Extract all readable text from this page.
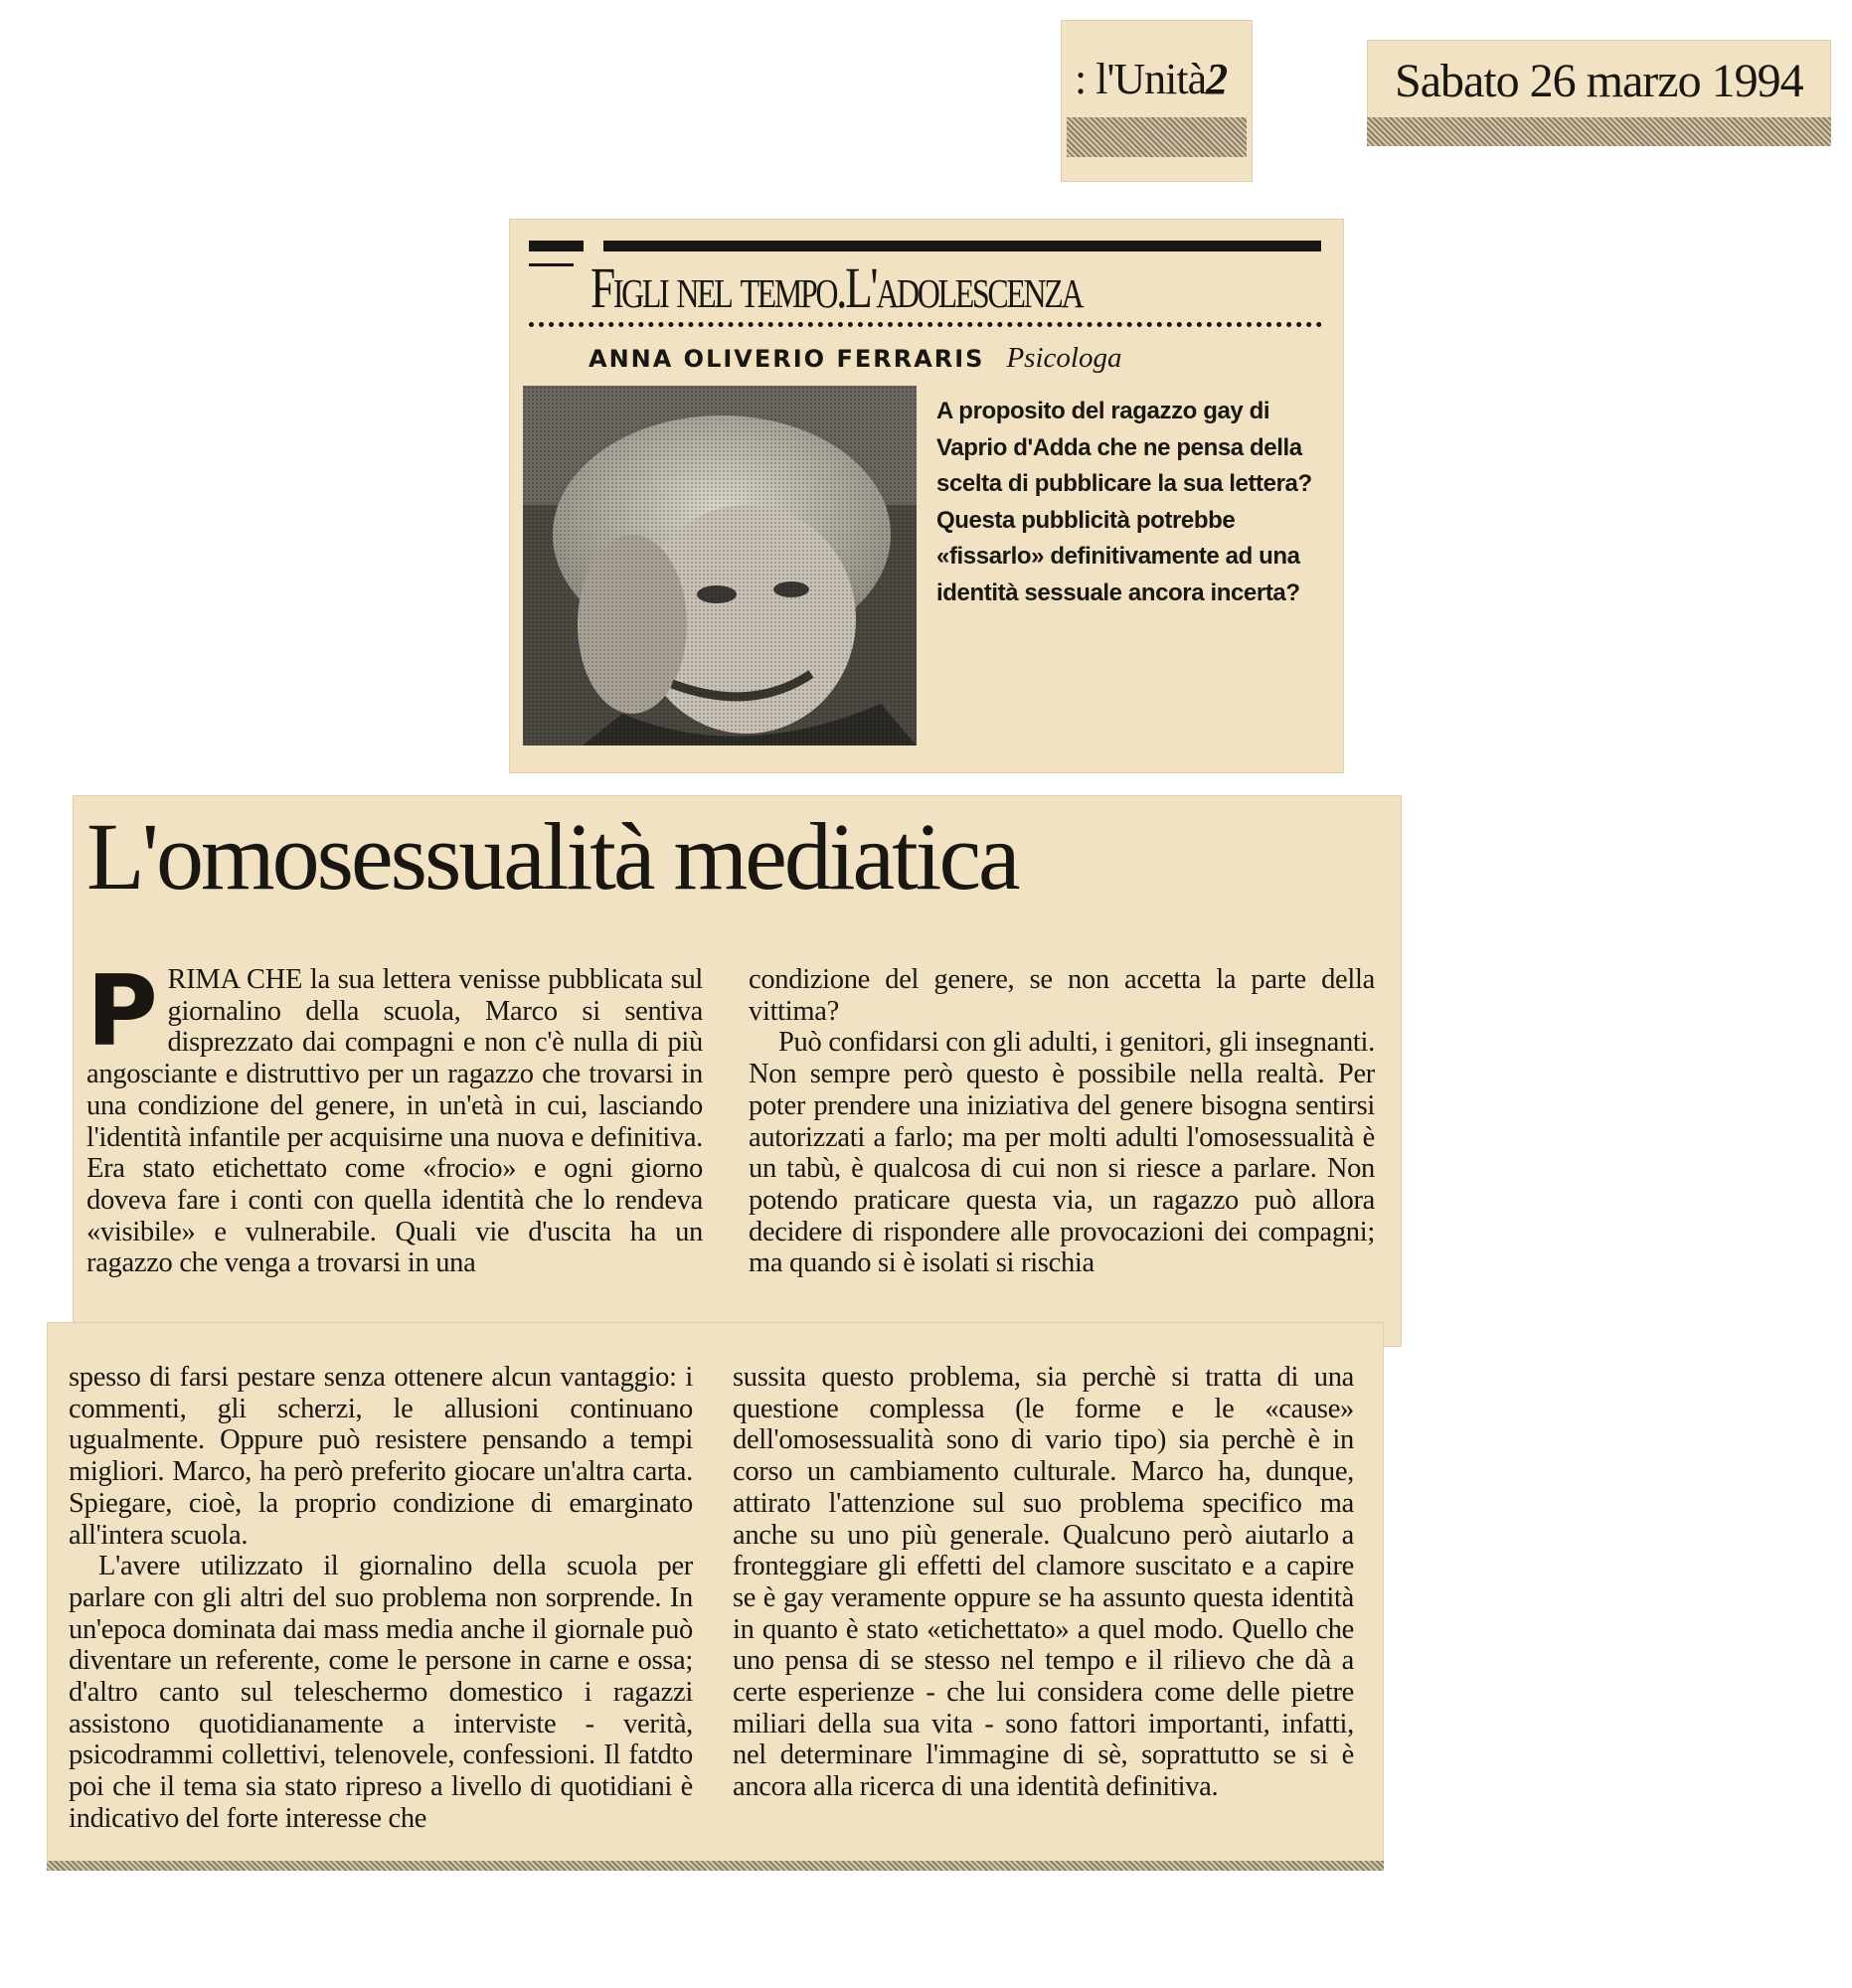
: l'Unità2	Sabato 26 marzo 1994
Figli nel tempo.L'adolescenza
ANNA OLIVERIO FERRARIS Psicologa
A proposito del ragazzo gay di Vaprio d'Adda che ne pensa della scelta di pubblicare la sua lettera? Questa pubblicità potrebbe «fissarlo» definitivamente ad una identità sessuale ancora incerta?
L'omosessualità mediatica

PRIMA CHE la sua lettera venisse pubblicata sul giornalino della scuola, Marco si sentiva disprezzato dai compagni e non c'è nulla di più angosciante e distruttivo per un ragazzo che trovarsi in una condizione del genere, in un'età in cui, lasciando l'identità infantile per acquisirne una nuova e definitiva. Era stato etichettato come «frocio» e ogni giorno doveva fare i conti con quella identità che lo rendeva «visibile» e vulnerabile. Quali vie d'uscita ha un ragazzo che venga a trovarsi in una

condizione del genere, se non accetta la parte della vittima?

Può confidarsi con gli adulti, i genitori, gli insegnanti. Non sempre però questo è possibile nella realtà. Per poter prendere una iniziativa del genere bisogna sentirsi autorizzati a farlo; ma per molti adulti l'omosessualità è un tabù, è qualcosa di cui non si riesce a parlare. Non potendo praticare questa via, un ragazzo può allora decidere di rispondere alle provocazioni dei compagni; ma quando si è isolati si rischia

spesso di farsi pestare senza ottenere alcun vantaggio: i commenti, gli scherzi, le allusioni continuano ugualmente. Oppure può resistere pensando a tempi migliori. Marco, ha però preferito giocare un'altra carta. Spiegare, cioè, la proprio condizione di emarginato all'intera scuola.

L'avere utilizzato il giornalino della scuola per parlare con gli altri del suo problema non sorprende. In un'epoca dominata dai mass media anche il giornale può diventare un referente, come le persone in carne e ossa; d'altro canto sul teleschermo domestico i ragazzi assistono quotidianamente a interviste - verità, psicodrammi collettivi, telenovele, confessioni. Il fatdto poi che il tema sia stato ripreso a livello di quotidiani è indicativo del forte interesse che

sussita questo problema, sia perchè si tratta di una questione complessa (le forme e le «cause» dell'omosessualità sono di vario tipo) sia perchè è in corso un cambiamento culturale. Marco ha, dunque, attirato l'attenzione sul suo problema specifico ma anche su uno più generale. Qualcuno però aiutarlo a fronteggiare gli effetti del clamore suscitato e a capire se è gay veramente oppure se ha assunto questa identità in quanto è stato «etichettato» a quel modo. Quello che uno pensa di se stesso nel tempo e il rilievo che dà a certe esperienze - che lui considera come delle pietre miliari della sua vita - sono fattori importanti, infatti, nel determinare l'immagine di sè, soprattutto se si è ancora alla ricerca di una identità definitiva.
